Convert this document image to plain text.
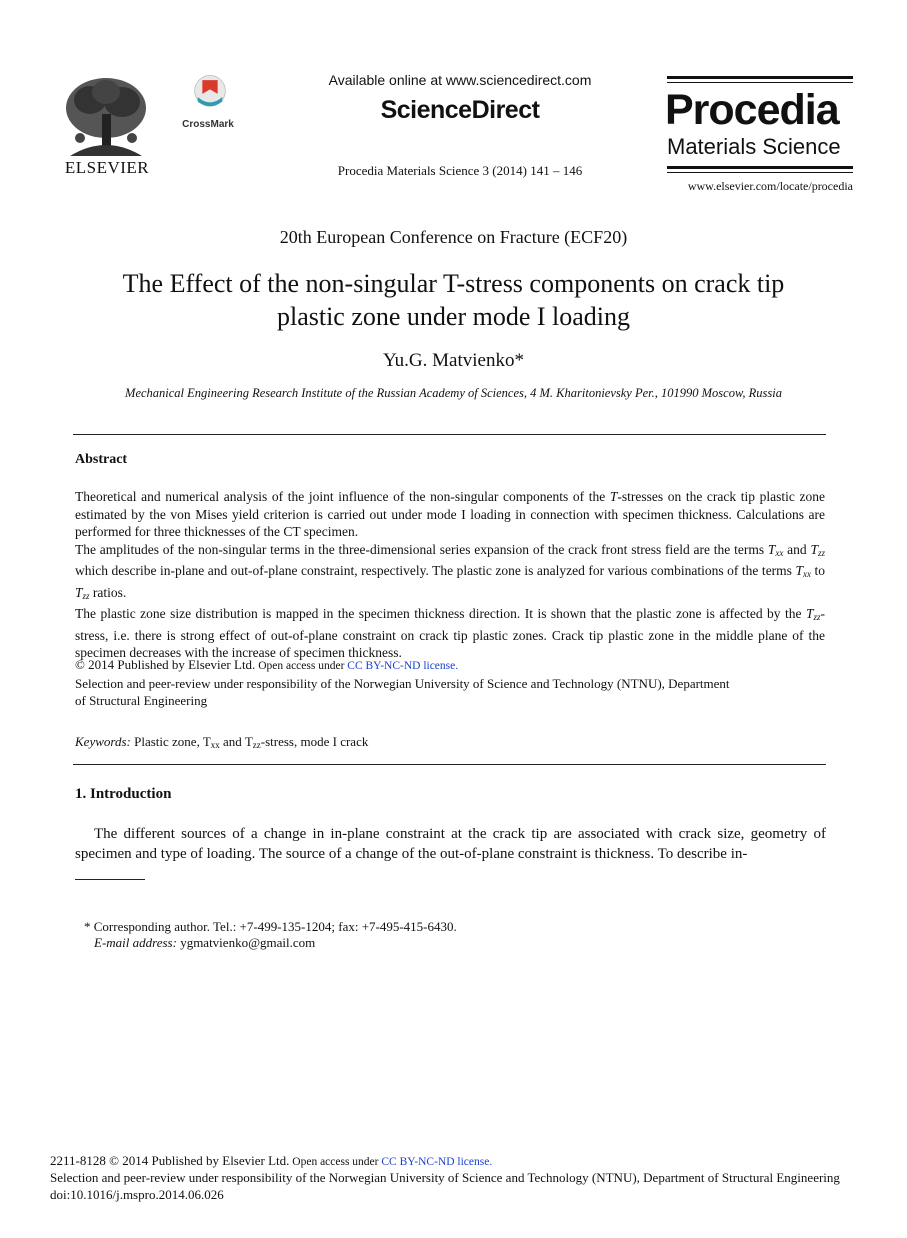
ELSEVIER
CrossMark
Available online at www.sciencedirect.com
ScienceDirect
Procedia Materials Science 3 (2014) 141 – 146
Procedia
Materials Science
www.elsevier.com/locate/procedia
20th European Conference on Fracture (ECF20)
The Effect of the non-singular T-stress components on crack tip
plastic zone under mode I loading
Yu.G. Matvienko*
Mechanical Engineering Research Institute of the Russian Academy of Sciences, 4 M. Kharitonievsky Per., 101990 Moscow, Russia
Abstract

Theoretical and numerical analysis of the joint influence of the non-singular components of the T-stresses on the crack tip plastic zone estimated by the von Mises yield criterion is carried out under mode I loading in connection with specimen thickness. Calculations are performed for three thicknesses of the CT specimen.

The amplitudes of the non-singular terms in the three-dimensional series expansion of the crack front stress field are the terms $T_{xx}$ and $T_{zz}$ which describe in-plane and out-of-plane constraint, respectively. The plastic zone is analyzed for various combinations of the terms $T_{xx}$ to $T_{zz}$ ratios.

The plastic zone size distribution is mapped in the specimen thickness direction. It is shown that the plastic zone is affected by the $T_{zz}$-stress, i.e. there is strong effect of out-of-plane constraint on crack tip plastic zones. Crack tip plastic zone in the middle plane of the specimen decreases with the increase of specimen thickness.

© 2014 Published by Elsevier Ltd. Open access under CC BY-NC-ND license.
Selection and peer-review under responsibility of the Norwegian University of Science and Technology (NTNU), Department
of Structural Engineering
Keywords: Plastic zone, Txx and Tzz-stress, mode I crack
1. Introduction
The different sources of a change in in-plane constraint at the crack tip are associated with crack size, geometry of specimen and type of loading. The source of a change of the out-of-plane constraint is thickness. To describe in-
* Corresponding author. Tel.: +7-499-135-1204; fax: +7-495-415-6430.
E-mail address: ygmatvienko@gmail.com
2211-8128 © 2014 Published by Elsevier Ltd. Open access under CC BY-NC-ND license.
Selection and peer-review under responsibility of the Norwegian University of Science and Technology (NTNU), Department of Structural Engineering
doi:10.1016/j.mspro.2014.06.026
